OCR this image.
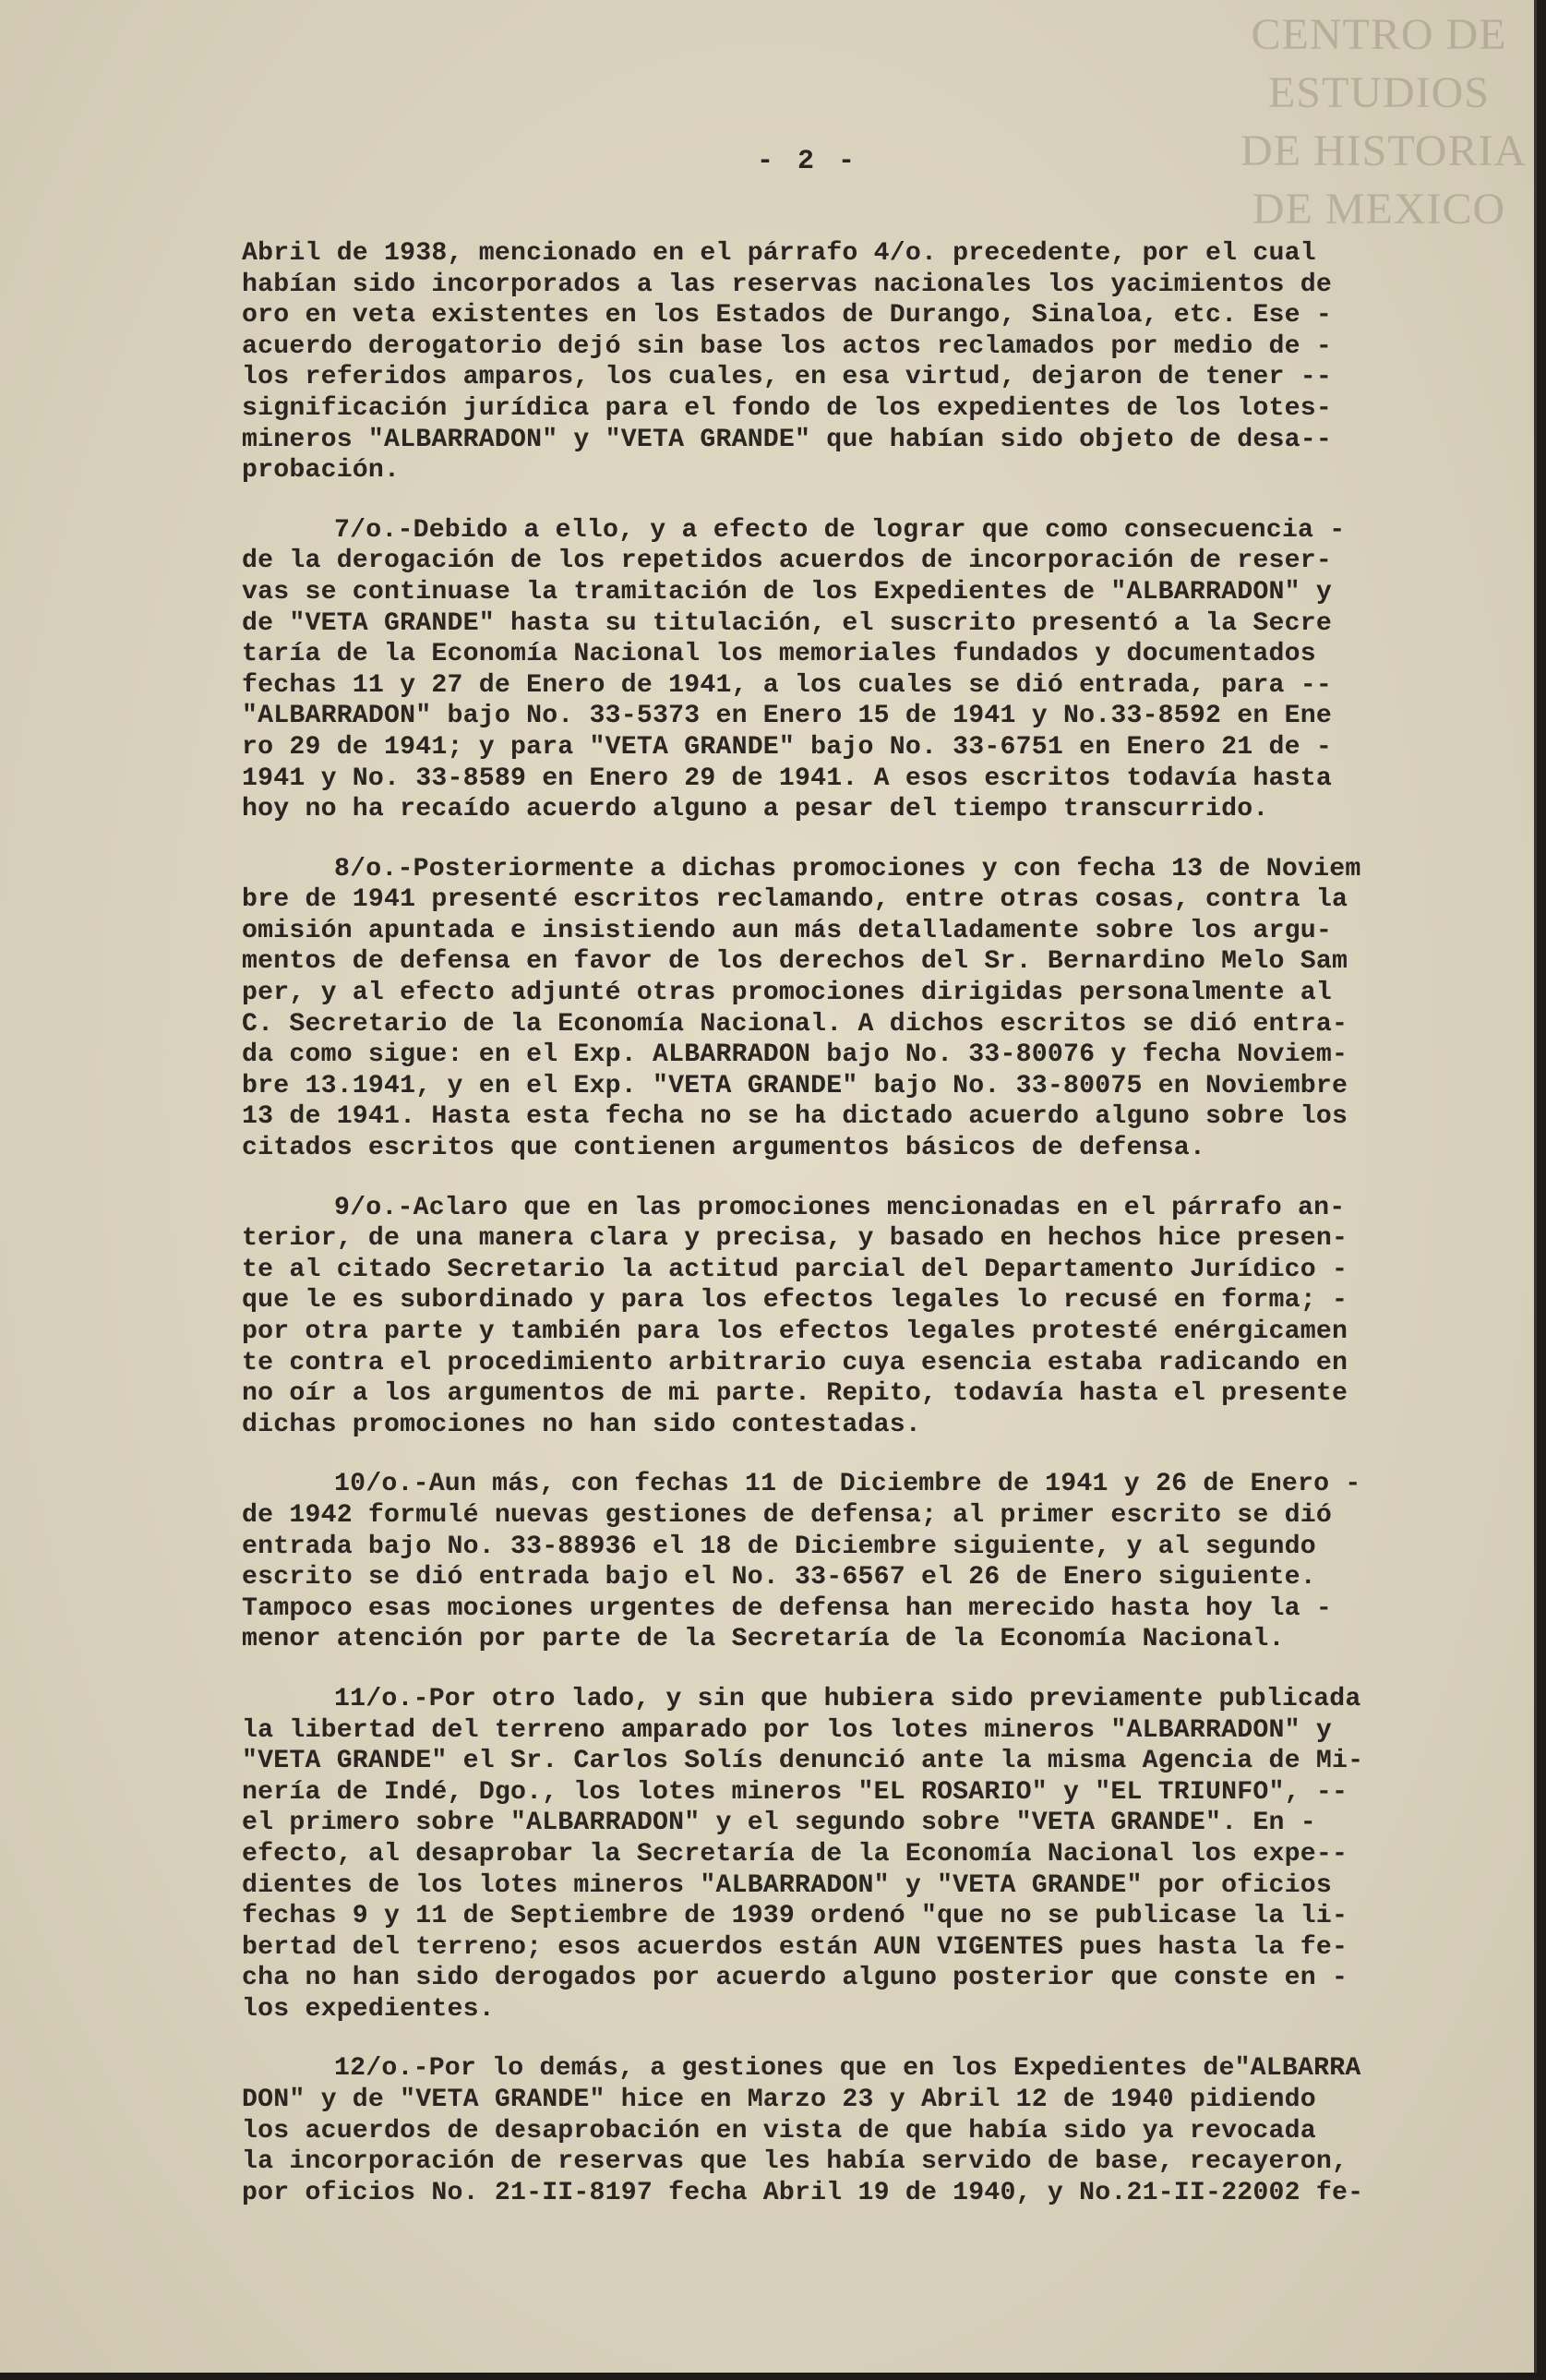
CENTRO DE
ESTUDIOS
DE HISTORIA
DE MEXICO
- 2 -
Abril de 1938, mencionado en el párrafo 4/o. precedente, por el cual
habían sido incorporados a las reservas nacionales los yacimientos de
oro en veta existentes en los Estados de Durango, Sinaloa, etc. Ese -
acuerdo derogatorio dejó sin base los actos reclamados por medio de -
los referidos amparos, los cuales, en esa virtud, dejaron de tener --
significación jurídica para el fondo de los expedientes de los lotes-
mineros "ALBARRADON" y "VETA GRANDE" que habían sido objeto de desa--
probación.
7/o.-Debido a ello, y a efecto de lograr que como consecuencia -
de la derogación de los repetidos acuerdos de incorporación de reser-
vas se continuase la tramitación de los Expedientes de "ALBARRADON" y
de "VETA GRANDE" hasta su titulación, el suscrito presentó a la Secre
taría de la Economía Nacional los memoriales fundados y documentados
fechas 11 y 27 de Enero de 1941, a los cuales se dió entrada, para --
"ALBARRADON" bajo No. 33-5373 en Enero 15 de 1941 y No.33-8592 en Ene
ro 29 de 1941; y para "VETA GRANDE" bajo No. 33-6751 en Enero 21 de -
1941 y No. 33-8589 en Enero 29 de 1941. A esos escritos todavía hasta
hoy no ha recaído acuerdo alguno a pesar del tiempo transcurrido.
8/o.-Posteriormente a dichas promociones y con fecha 13 de Noviem
bre de 1941 presenté escritos reclamando, entre otras cosas, contra la
omisión apuntada e insistiendo aun más detalladamente sobre los argu-
mentos de defensa en favor de los derechos del Sr. Bernardino Melo Sam
per, y al efecto adjunté otras promociones dirigidas personalmente al
C. Secretario de la Economía Nacional. A dichos escritos se dió entra-
da como sigue: en el Exp. ALBARRADON bajo No. 33-80076 y fecha Noviem-
bre 13.1941, y en el Exp. "VETA GRANDE" bajo No. 33-80075 en Noviembre
13 de 1941. Hasta esta fecha no se ha dictado acuerdo alguno sobre los
citados escritos que contienen argumentos básicos de defensa.
9/o.-Aclaro que en las promociones mencionadas en el párrafo an-
terior, de una manera clara y precisa, y basado en hechos hice presen-
te al citado Secretario la actitud parcial del Departamento Jurídico -
que le es subordinado y para los efectos legales lo recusé en forma; -
por otra parte y también para los efectos legales protesté enérgicamen
te contra el procedimiento arbitrario cuya esencia estaba radicando en
no oír a los argumentos de mi parte. Repito, todavía hasta el presente
dichas promociones no han sido contestadas.
10/o.-Aun más, con fechas 11 de Diciembre de 1941 y 26 de Enero -
de 1942 formulé nuevas gestiones de defensa; al primer escrito se dió
entrada bajo No. 33-88936 el 18 de Diciembre siguiente, y al segundo
escrito se dió entrada bajo el No. 33-6567 el 26 de Enero siguiente.
Tampoco esas mociones urgentes de defensa han merecido hasta hoy la -
menor atención por parte de la Secretaría de la Economía Nacional.
11/o.-Por otro lado, y sin que hubiera sido previamente publicada
la libertad del terreno amparado por los lotes mineros "ALBARRADON" y
"VETA GRANDE" el Sr. Carlos Solís denunció ante la misma Agencia de Mi-
nería de Indé, Dgo., los lotes mineros "EL ROSARIO" y "EL TRIUNFO", --
el primero sobre "ALBARRADON" y el segundo sobre "VETA GRANDE". En -
efecto, al desaprobar la Secretaría de la Economía Nacional los expe--
dientes de los lotes mineros "ALBARRADON" y "VETA GRANDE" por oficios
fechas 9 y 11 de Septiembre de 1939 ordenó "que no se publicase la li-
bertad del terreno; esos acuerdos están AUN VIGENTES pues hasta la fe-
cha no han sido derogados por acuerdo alguno posterior que conste en -
los expedientes.
12/o.-Por lo demás, a gestiones que en los Expedientes de"ALBARRA
DON" y de "VETA GRANDE" hice en Marzo 23 y Abril 12 de 1940 pidiendo
los acuerdos de desaprobación en vista de que había sido ya revocada
la incorporación de reservas que les había servido de base, recayeron,
por oficios No. 21-II-8197 fecha Abril 19 de 1940, y No.21-II-22002 fe-
